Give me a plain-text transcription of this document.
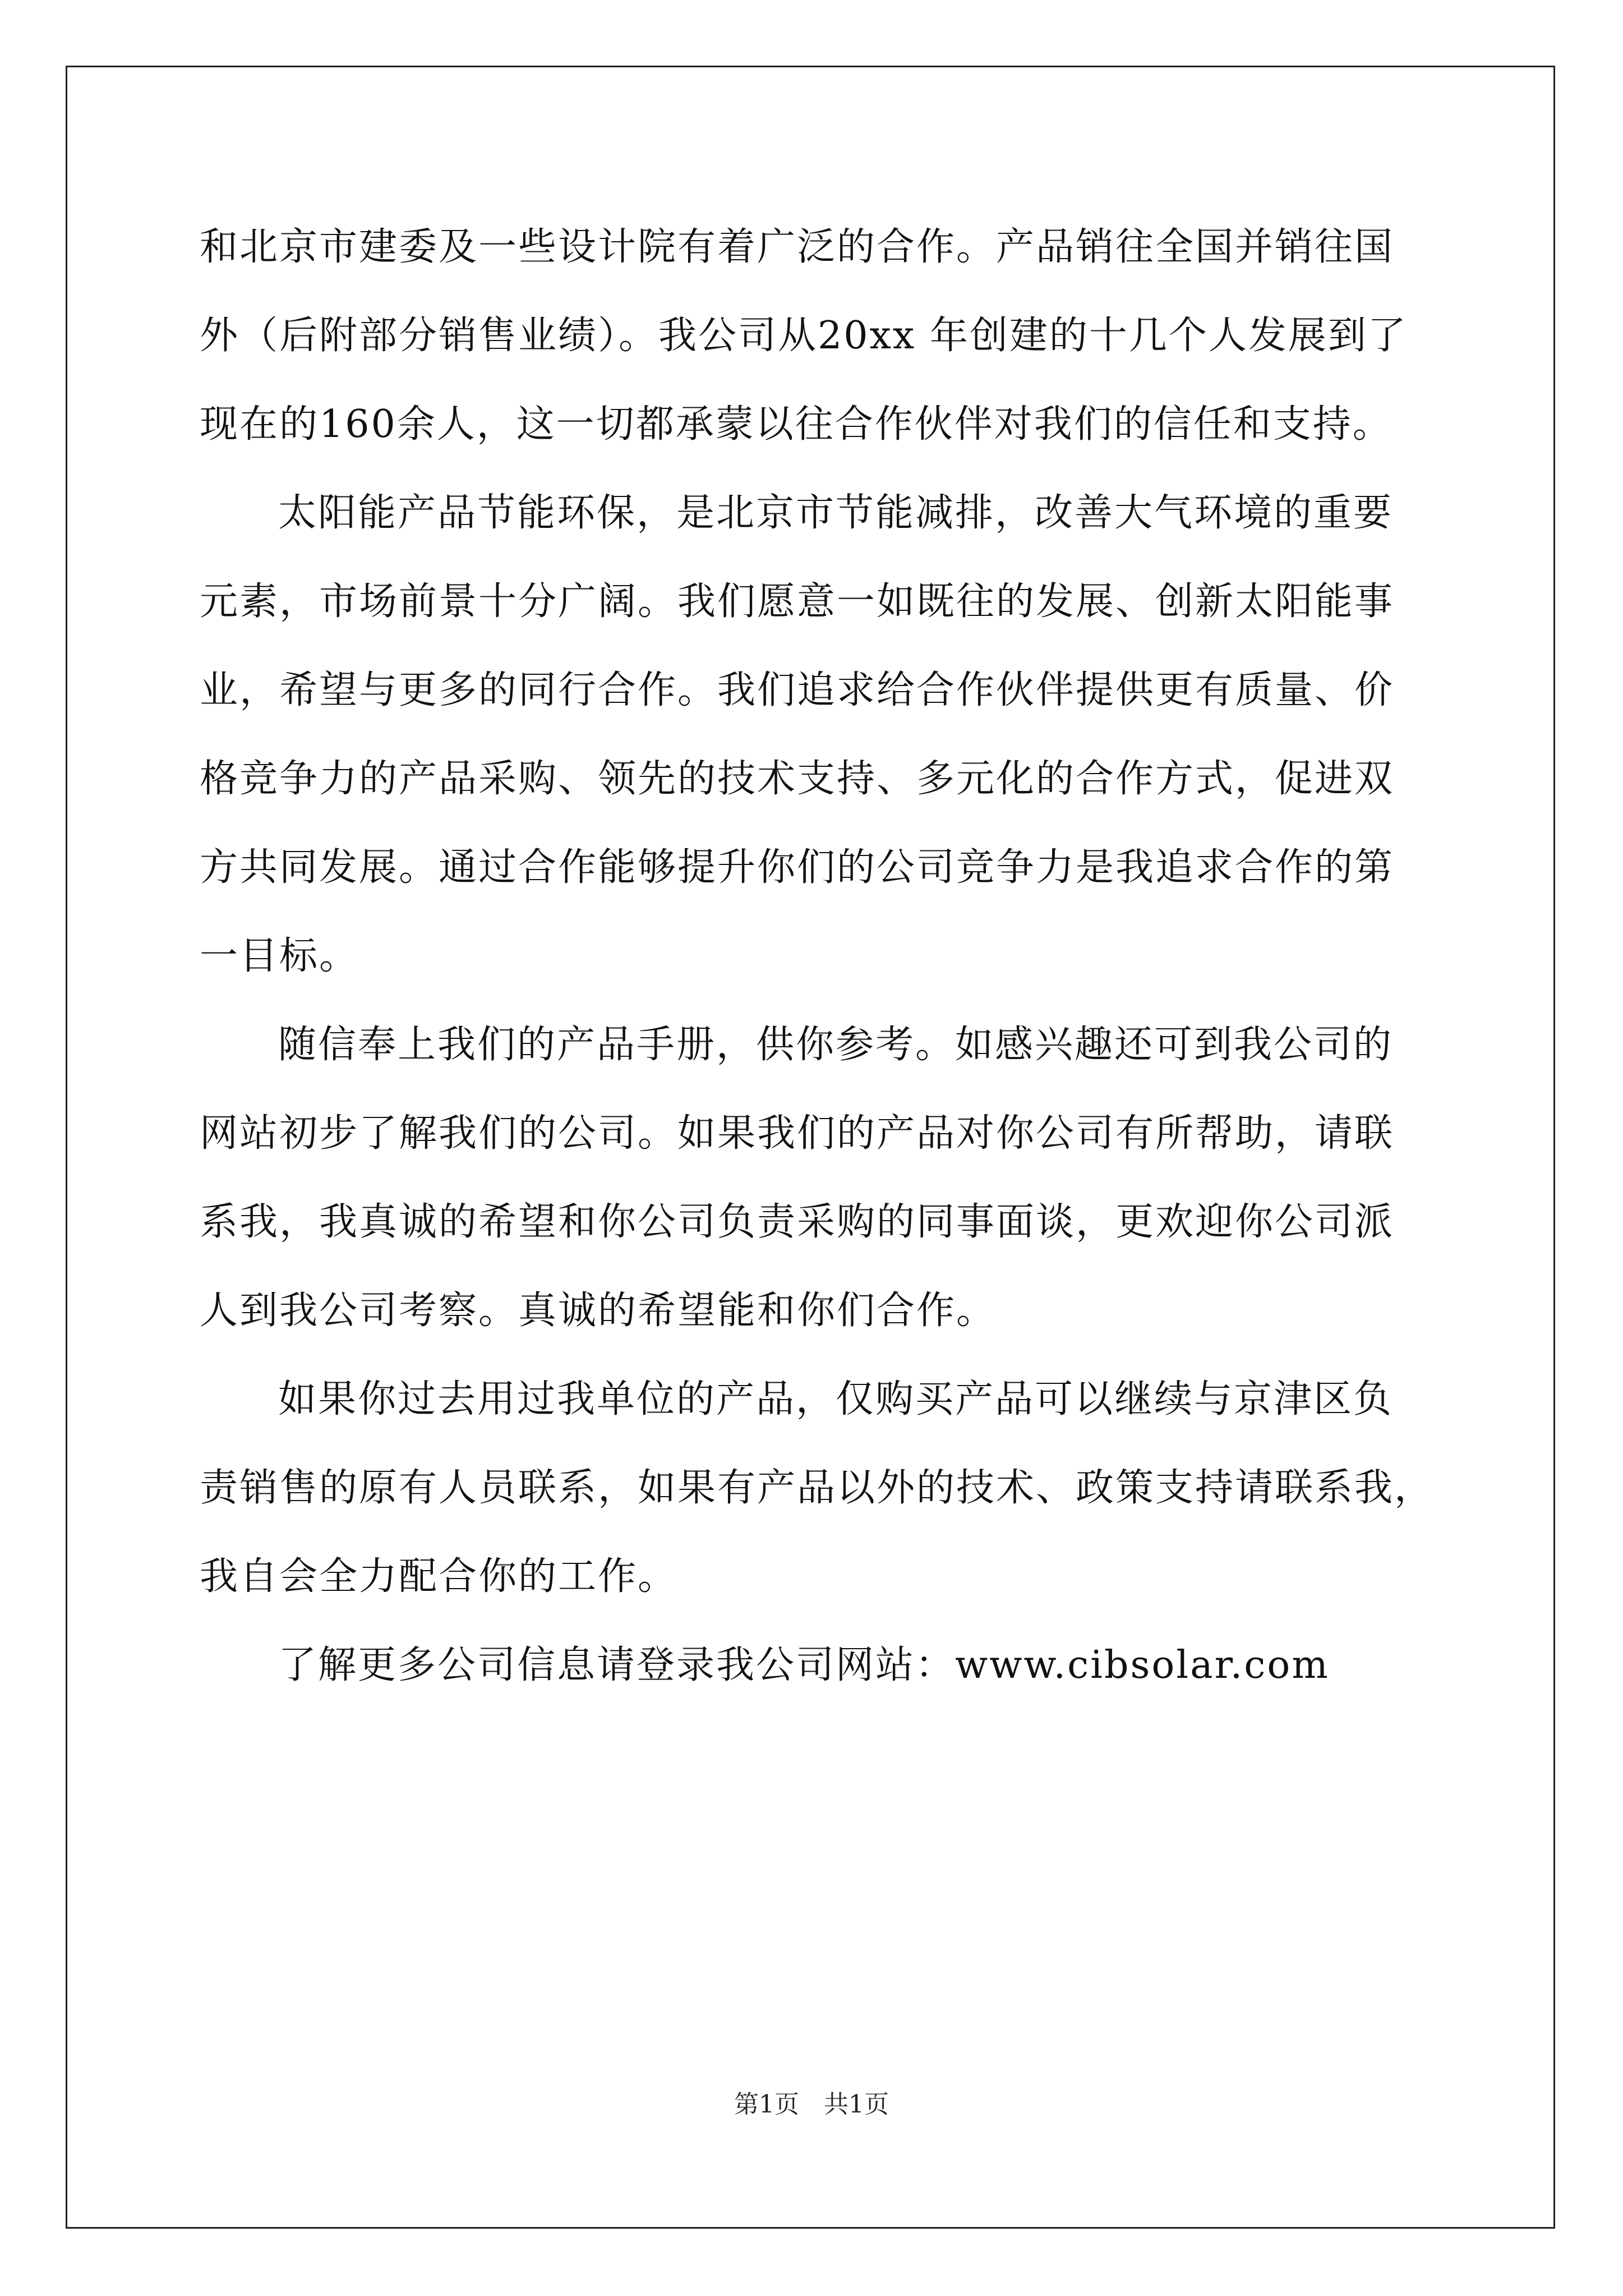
和北京市建委及一些设计院有着广泛的合作。产品销往全国并销往国
外（后附部分销售业绩）。我公司从20xx 年创建的十几个人发展到了
现在的160余人，这一切都承蒙以往合作伙伴对我们的信任和支持。
太阳能产品节能环保，是北京市节能减排，改善大气环境的重要
元素，市场前景十分广阔。我们愿意一如既往的发展、创新太阳能事
业，希望与更多的同行合作。我们追求给合作伙伴提供更有质量、价
格竞争力的产品采购、领先的技术支持、多元化的合作方式，促进双
方共同发展。通过合作能够提升你们的公司竞争力是我追求合作的第
一目标。
随信奉上我们的产品手册，供你参考。如感兴趣还可到我公司的
网站初步了解我们的公司。如果我们的产品对你公司有所帮助，请联
系我，我真诚的希望和你公司负责采购的同事面谈，更欢迎你公司派
人到我公司考察。真诚的希望能和你们合作。
如果你过去用过我单位的产品，仅购买产品可以继续与京津区负
责销售的原有人员联系，如果有产品以外的技术、政策支持请联系我，
我自会全力配合你的工作。
了解更多公司信息请登录我公司网站：www.cibsolar.com
第1页　共1页
